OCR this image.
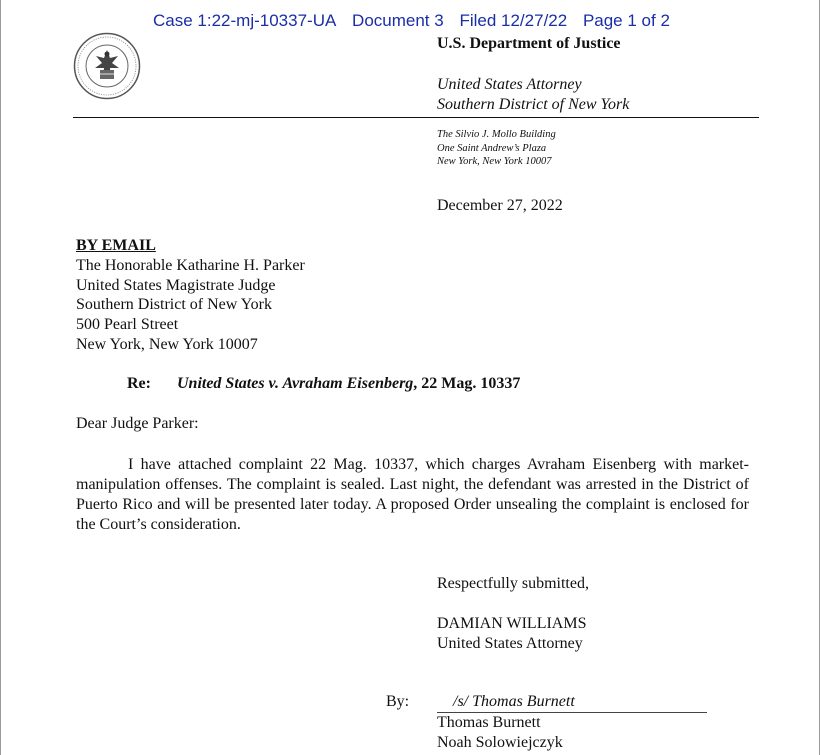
Case 1:22-mj-10337-UA Document 3 Filed 12/27/22 Page 1 of 2
U.S. Department of Justice
United States Attorney
Southern District of New York
The Silvio J. Mollo Building
One Saint Andrew’s Plaza
New York, New York 10007
December 27, 2022
BY EMAIL
The Honorable Katharine H. Parker
United States Magistrate Judge
Southern District of New York
500 Pearl Street
New York, New York 10007
Re: United States v. Avraham Eisenberg, 22 Mag. 10337
Dear Judge Parker:
I have attached complaint 22 Mag. 10337, which charges Avraham Eisenberg with market-manipulation offenses. The complaint is sealed. Last night, the defendant was arrested in the District of Puerto Rico and will be presented later today. A proposed Order unsealing the complaint is enclosed for the Court’s consideration.
Respectfully submitted,
DAMIAN WILLIAMS
United States Attorney
By:	/s/ Thomas Burnett
Thomas Burnett
Noah Solowiejczyk
